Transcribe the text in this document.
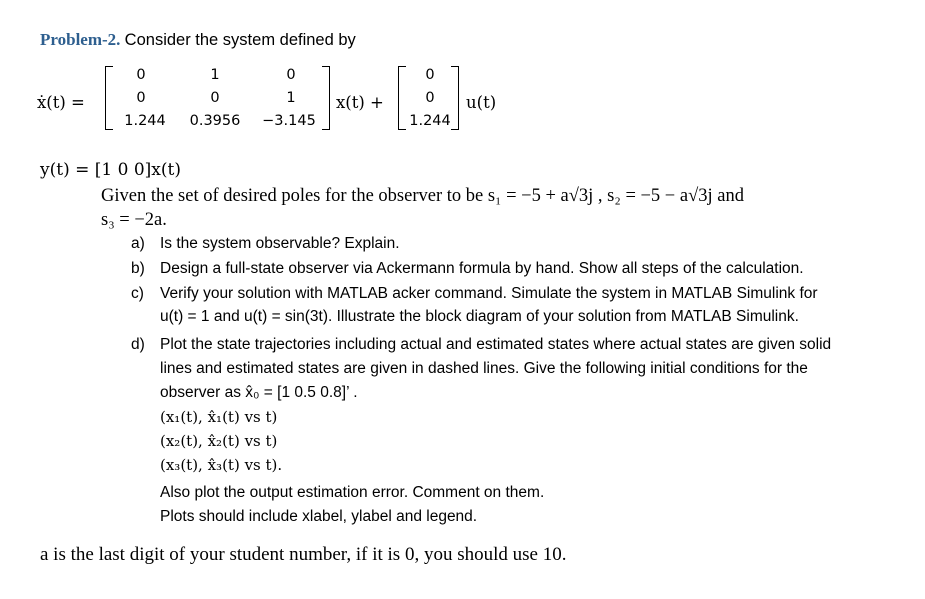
Problem-2. Consider the system defined by
ẋ(t) =
0	1	0
0	0	1
1.244	0.3956	−3.145
x(t) +
0
0
1.244
u(t)
y(t) = [1 0 0]x(t)
Given the set of desired poles for the observer to be s₁ = −5 + a√3j , s₂ = −5 − a√3j and
s₃ = −2a.
a) Is the system observable? Explain.
b) Design a full-state observer via Ackermann formula by hand. Show all steps of the calculation.
c) Verify your solution with MATLAB acker command. Simulate the system in MATLAB Simulink for
u(t) = 1 and u(t) = sin(3t). Illustrate the block diagram of your solution from MATLAB Simulink.
d) Plot the state trajectories including actual and estimated states where actual states are given solid
lines and estimated states are given in dashed lines. Give the following initial conditions for the
observer as x̂₀ = [1 0.5 0.8]’ .
(x₁(t), x̂₁(t) vs t)
(x₂(t), x̂₂(t) vs t)
(x₃(t), x̂₃(t) vs t).
Also plot the output estimation error. Comment on them.
Plots should include xlabel, ylabel and legend.
a is the last digit of your student number, if it is 0, you should use 10.
